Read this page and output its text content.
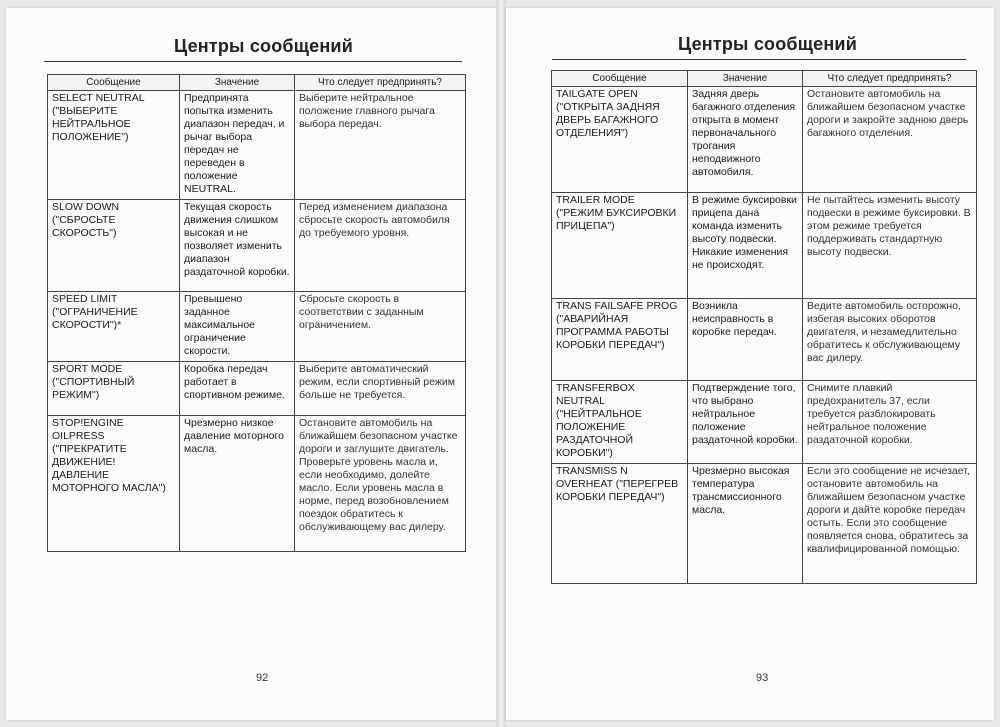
Центры сообщений
Сообщение	Значение	Что следует предпринять?
SELECT NEUTRAL ("ВЫБЕРИТЕ НЕЙТРАЛЬНОЕ ПОЛОЖЕНИЕ")	Предпринята попытка изменить диапазон передач, и рычаг выбора передач не переведен в положение NEUTRAL.	Выберите нейтральное положение главного рычага выбора передач.
SLOW DOWN ("СБРОСЬТЕ СКОРОСТЬ")	Текущая скорость движения слишком высокая и не позволяет изменить диапазон раздаточной коробки.	Перед изменением диапазона сбросьте скорость автомобиля до требуемого уровня.
SPEED LIMIT ("ОГРАНИЧЕНИЕ СКОРОСТИ")*	Превышено заданное максимальное ограничение скорости.	Сбросьте скорость в соответствии с заданным ограничением.
SPORT MODE ("СПОРТИВНЫЙ РЕЖИМ")	Коробка передач работает в спортивном режиме.	Выберите автоматический режим, если спортивный режим больше не требуется.
STOP!ENGINE OILPRESS ("ПРЕКРАТИТЕ ДВИЖЕНИЕ! ДАВЛЕНИЕ МОТОРНОГО МАСЛА")	Чрезмерно низкое давление моторного масла.	Остановите автомобиль на ближайшем безопасном участке дороги и заглушите двигатель. Проверьте уровень масла и, если необходимо, долейте масло. Если уровень масла в норме, перед возобновлением поездок обратитесь к обслуживающему вас дилеру.
92
Центры сообщений
Сообщение	Значение	Что следует предпринять?
TAILGATE OPEN ("ОТКРЫТА ЗАДНЯЯ ДВЕРЬ БАГАЖНОГО ОТДЕЛЕНИЯ")	Задняя дверь багажного отделения открыта в момент первоначального трогания неподвижного автомобиля.	Остановите автомобиль на ближайшем безопасном участке дороги и закройте заднюю дверь багажного отделения.
TRAILER MODE ("РЕЖИМ БУКСИРОВКИ ПРИЦЕПА")	В режиме буксировки прицепа дана команда изменить высоту подвески. Никакие изменения не происходят.	Не пытайтесь изменить высоту подвески в режиме буксировки. В этом режиме требуется поддерживать стандартную высоту подвески.
TRANS FAILSAFE PROG ("АВАРИЙНАЯ ПРОГРАММА РАБОТЫ КОРОБКИ ПЕРЕДАЧ")	Возникла неисправность в коробке передач.	Ведите автомобиль осторожно, избегая высоких оборотов двигателя, и незамедлительно обратитесь к обслуживающему вас дилеру.
TRANSFERBOX NEUTRAL ("НЕЙТРАЛЬНОЕ ПОЛОЖЕНИЕ РАЗДАТОЧНОЙ КОРОБКИ")	Подтверждение того, что выбрано нейтральное положение раздаточной коробки.	Снимите плавкий предохранитель 37, если требуется разблокировать нейтральное положение раздаточной коробки.
TRANSMISS N OVERHEAT ("ПЕРЕГРЕВ КОРОБКИ ПЕРЕДАЧ")	Чрезмерно высокая температура трансмиссионного масла.	Если это сообщение не исчезает, остановите автомобиль на ближайшем безопасном участке дороги и дайте коробке передач остыть. Если это сообщение появляется снова, обратитесь за квалифицированной помощью.
93
